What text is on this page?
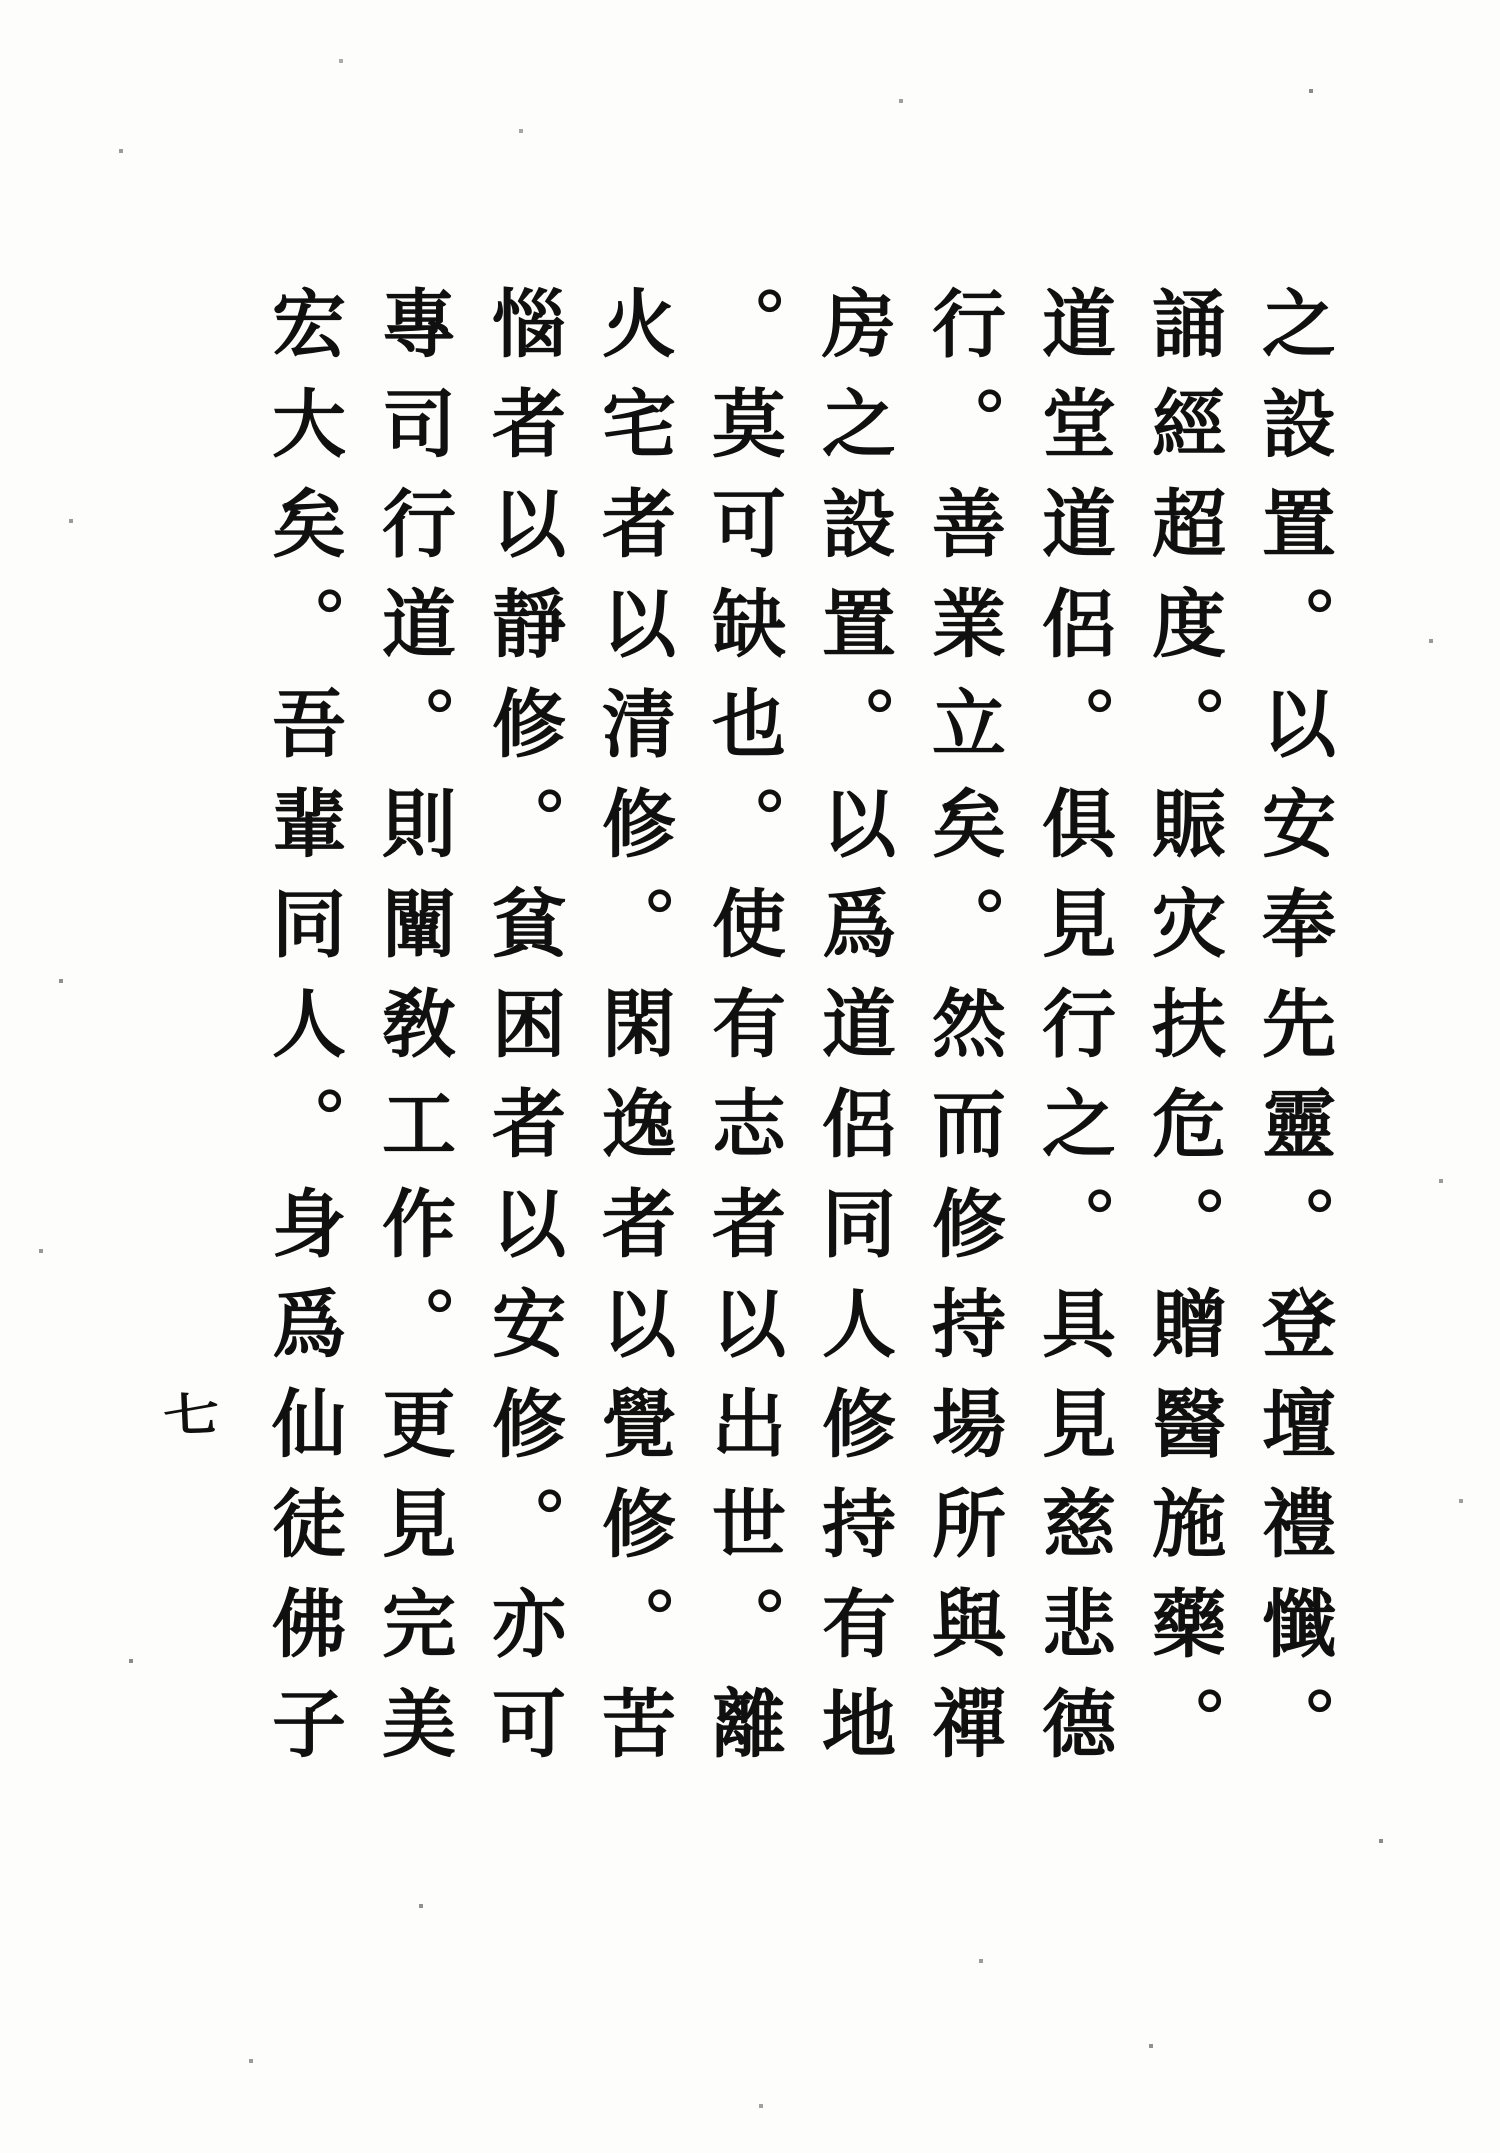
之設置。以安奉先靈。登壇禮懺。
誦經超度。賑灾扶危。贈醫施藥。
道堂道侶。俱見行之。具見慈悲德
行。善業立矣。然而修持場所與禪
房之設置。以爲道侶同人修持有地
。莫可缺也。使有志者以出世。離
火宅者以清修。閑逸者以覺修。苦
惱者以靜修。貧困者以安修。亦可
專司行道。則闡敎工作。更見完美
宏大矣。吾輩同人。身爲仙徒佛子
七
